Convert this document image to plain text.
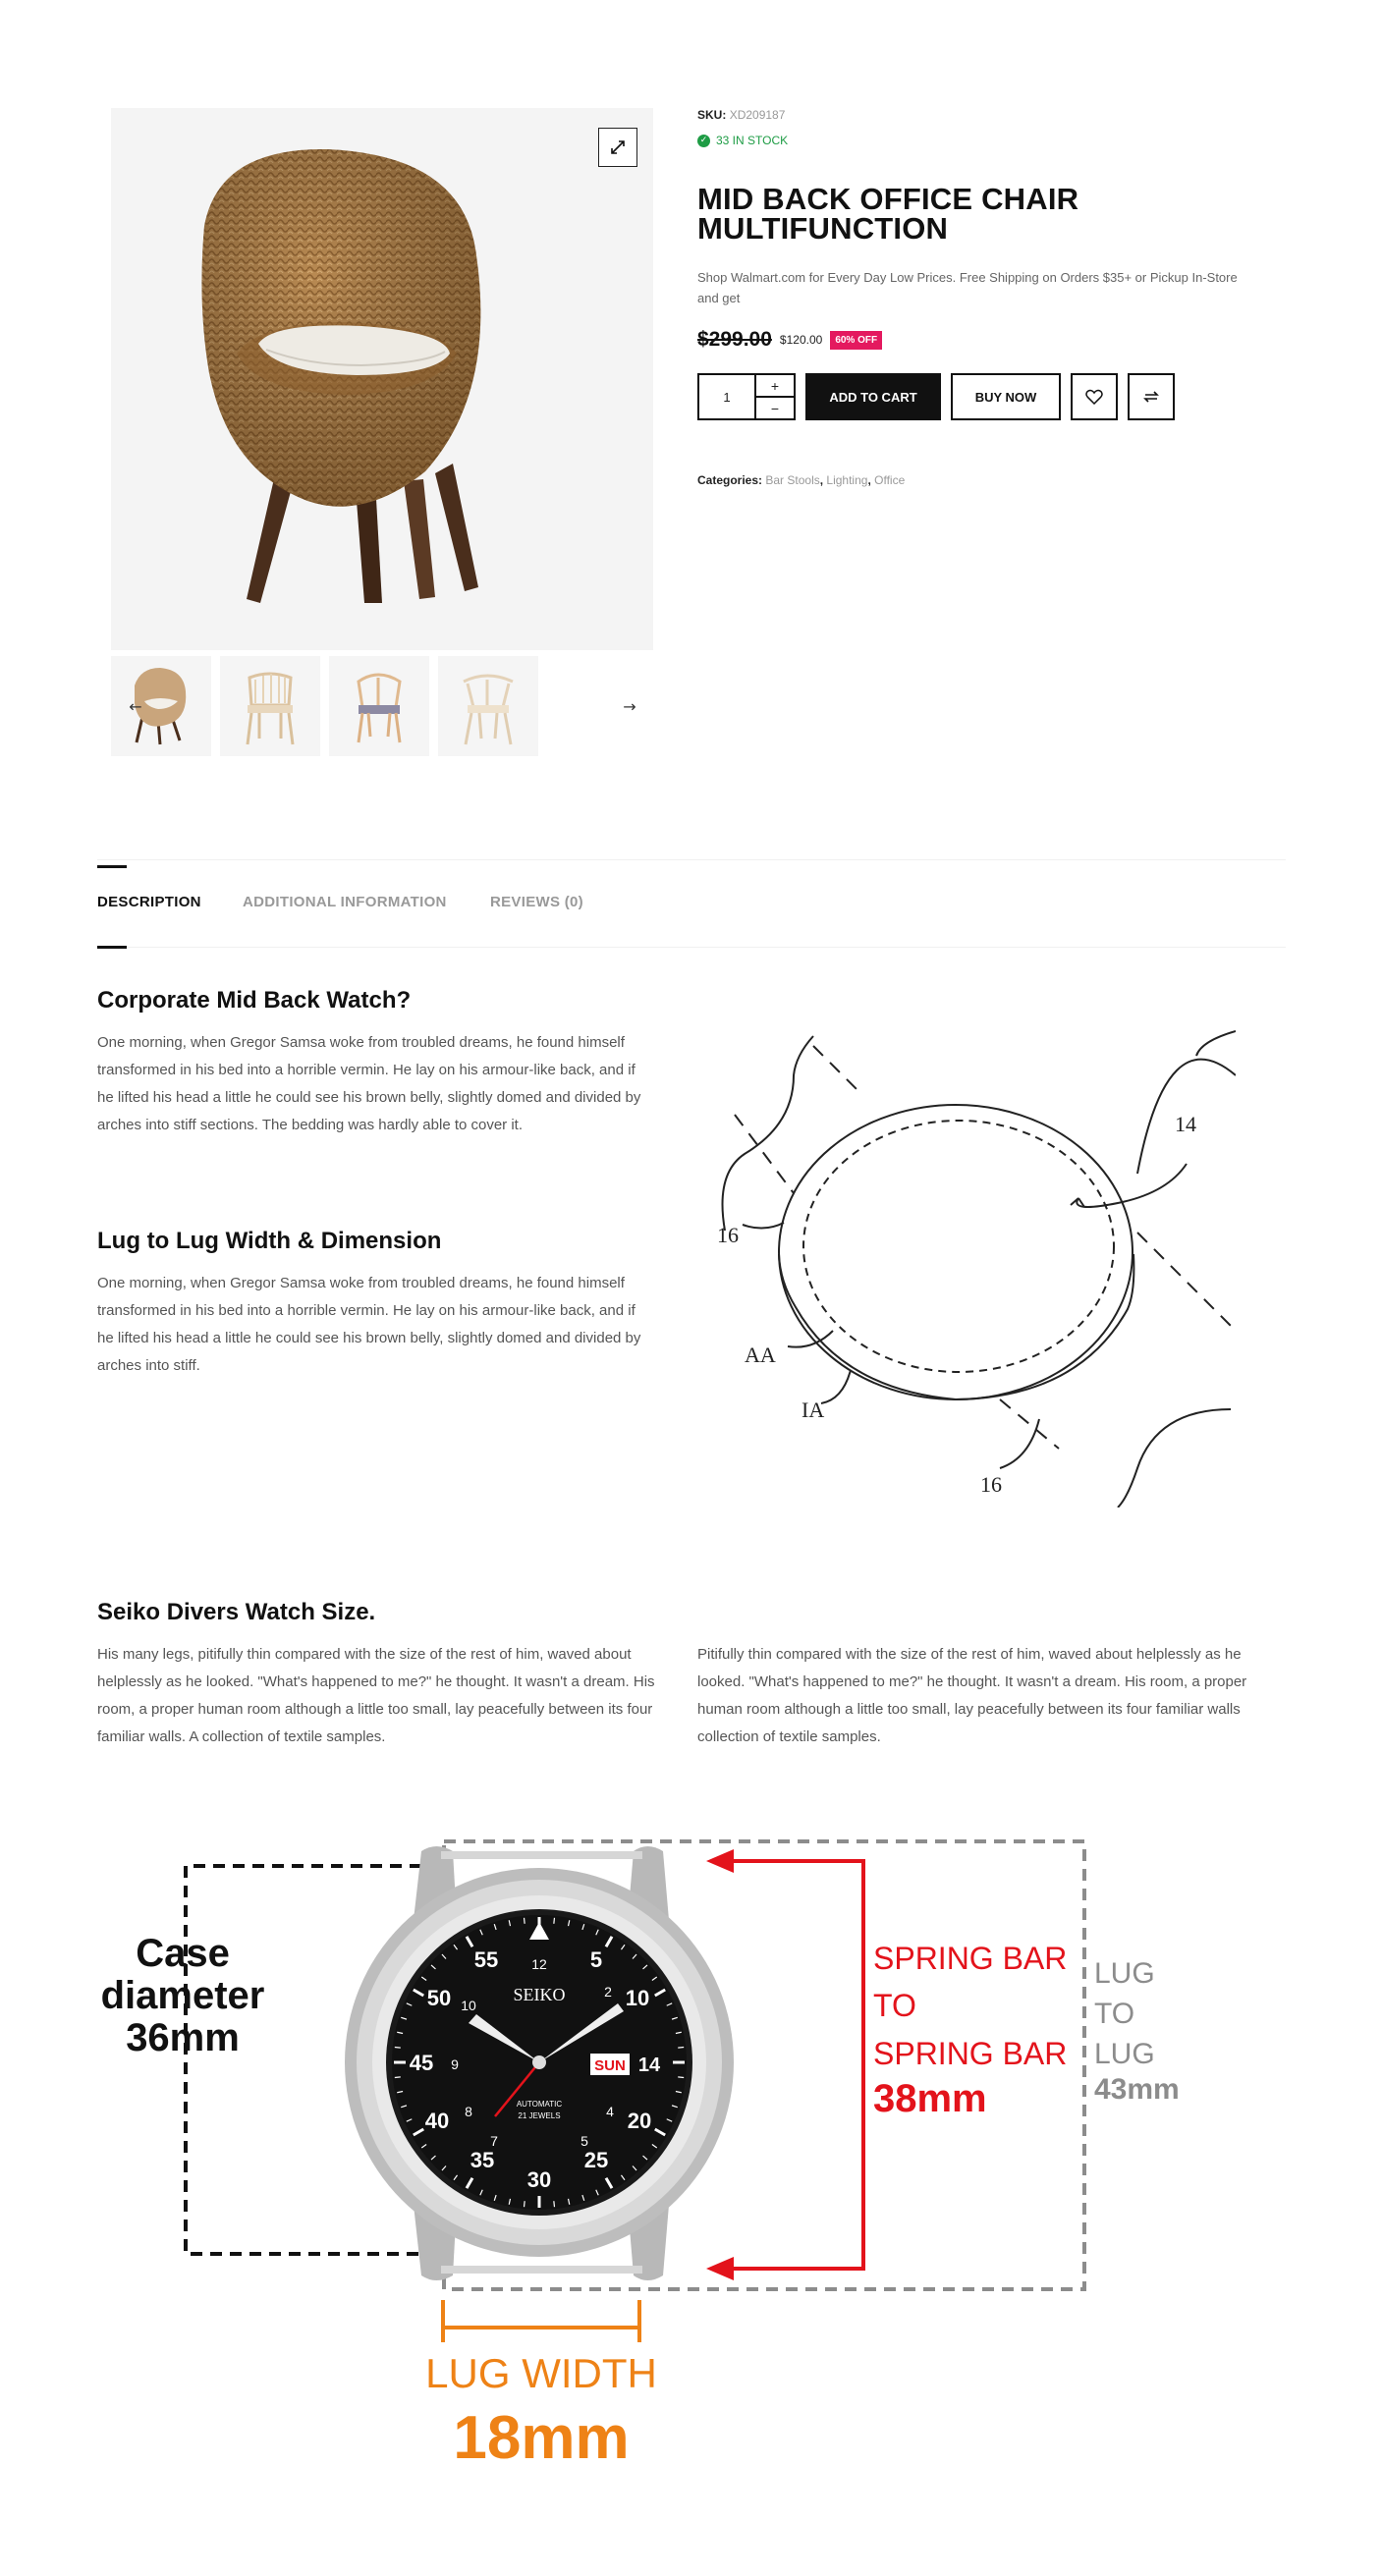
←	→
SKU: XD209187
✓ 33 IN STOCK
MID BACK OFFICE CHAIR
MULTIFUNCTION

Shop Walmart.com for Every Day Low Prices. Free Shipping on Orders $35+ or Pickup In-Store and get

$299.00 $120.00	60% OFF
1
+
−
ADD TO CART	BUY NOW
Categories: Bar Stools, Lighting, Office
DESCRIPTION	ADDITIONAL INFORMATION	REVIEWS (0)
Corporate Mid Back Watch?

One morning, when Gregor Samsa woke from troubled dreams, he found himself transformed in his bed into a horrible vermin. He lay on his armour-like back, and if he lifted his head a little he could see his brown belly, slightly domed and divided by arches into stiff sections. The bedding was hardly able to cover it.

Lug to Lug Width & Dimension

One morning, when Gregor Samsa woke from troubled dreams, he found himself transformed in his bed into a horrible vermin. He lay on his armour-like back, and if he lifted his head a little he could see his brown belly, slightly domed and divided by arches into stiff.

14
16
AA
IA
16
Seiko Divers Watch Size.

His many legs, pitifully thin compared with the size of the rest of him, waved about helplessly as he looked. "What's happened to me?" he thought. It wasn't a dream. His room, a proper human room although a little too small, lay peacefully between its four familiar walls. A collection of textile samples.

Pitifully thin compared with the size of the rest of him, waved about helplessly as he looked. "What's happened to me?" he thought. It wasn't a dream. His room, a proper human room although a little too small, lay peacefully between its four familiar walls collection of textile samples.

55	5
50	10
45
40	20
35	25
30
12
2
10
9
8	4
7	5
SEIKO
SUN 14
AUTOMATIC
21 JEWELS
Case
diameter
36mm
SPRING BAR
TO
SPRING BAR
38mm
LUG
TO
LUG
43mm
LUG WIDTH
18mm
